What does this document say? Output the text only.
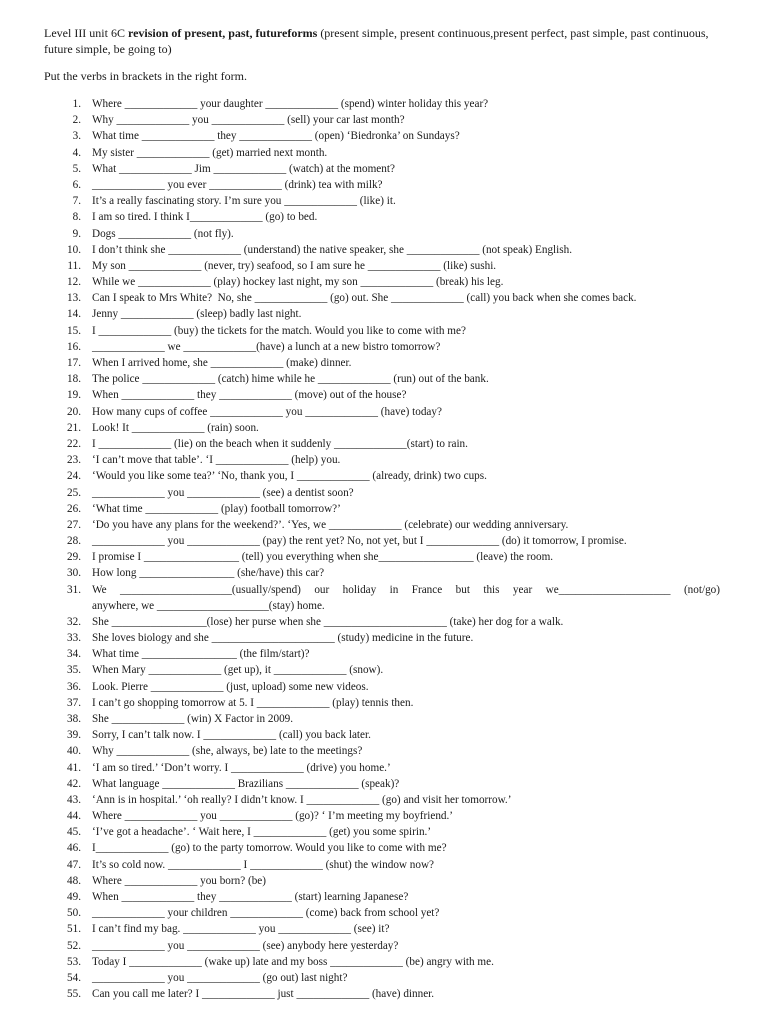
Level III unit 6C revision of present, past, futureforms (present simple, present continuous,present perfect, past simple, past continuous, future simple, be going to)
Put the verbs in brackets in the right form.
1. Where _____________ your daughter _____________ (spend) winter holiday this year?
2. Why _____________ you _____________ (sell) your car last month?
3. What time _____________ they _____________ (open) ‘Biedronka’ on Sundays?
4. My sister _____________ (get) married next month.
5. What _____________ Jim _____________ (watch) at the moment?
6. _____________ you ever _____________ (drink) tea with milk?
7. It’s a really fascinating story. I’m sure you _____________ (like) it.
8. I am so tired. I think I_____________ (go) to bed.
9. Dogs _____________ (not fly).
10. I don’t think she _____________ (understand) the native speaker, she _____________ (not speak) English.
11. My son _____________ (never, try) seafood, so I am sure he _____________ (like) sushi.
12. While we _____________ (play) hockey last night, my son _____________ (break) his leg.
13. Can I speak to Mrs White?  No, she _____________ (go) out. She _____________ (call) you back when she comes back.
14. Jenny _____________ (sleep) badly last night.
15. I _____________ (buy) the tickets for the match. Would you like to come with me?
16. _____________ we _____________(have) a lunch at a new bistro tomorrow?
17. When I arrived home, she _____________ (make) dinner.
18. The police _____________ (catch) hime while he _____________ (run) out of the bank.
19. When _____________ they _____________ (move) out of the house?
20. How many cups of coffee _____________ you _____________ (have) today?
21. Look! It _____________ (rain) soon.
22. I _____________ (lie) on the beach when it suddenly _____________(start) to rain.
23. ‘I can’t move that table’. ‘I _____________ (help) you.
24. ‘Would you like some tea?’ ‘No, thank you, I _____________ (already, drink) two cups.
25. _____________ you _____________ (see) a dentist soon?
26. ‘What time _____________ (play) football tomorrow?’
27. ‘Do you have any plans for the weekend?’. ‘Yes, we _____________ (celebrate) our wedding anniversary.
28. _____________ you _____________ (pay) the rent yet? No, not yet, but I _____________ (do) it tomorrow, I promise.
29. I promise I _________________ (tell) you everything when she_________________ (leave) the room.
30. How long _________________ (she/have) this car?
31. We ____________________(usually/spend) our holiday in France but this year we____________________ (not/go)
anywhere, we ____________________(stay) home.
32. She _________________(lose) her purse when she ______________________ (take) her dog for a walk.
33. She loves biology and she ______________________ (study) medicine in the future.
34. What time _________________ (the film/start)?
35. When Mary _____________ (get up), it _____________ (snow).
36. Look. Pierre _____________ (just, upload) some new videos.
37. I can’t go shopping tomorrow at 5. I _____________ (play) tennis then.
38. She _____________ (win) X Factor in 2009.
39. Sorry, I can’t talk now. I _____________ (call) you back later.
40. Why _____________ (she, always, be) late to the meetings?
41. ‘I am so tired.’ ‘Don’t worry. I _____________ (drive) you home.’
42. What language _____________ Brazilians _____________ (speak)?
43. ‘Ann is in hospital.’ ‘oh really? I didn’t know. I _____________ (go) and visit her tomorrow.’
44. Where _____________ you _____________ (go)? ‘ I’m meeting my boyfriend.’
45. ‘I’ve got a headache’. ‘ Wait here, I _____________ (get) you some spirin.’
46. I_____________ (go) to the party tomorrow. Would you like to come with me?
47. It’s so cold now. _____________ I _____________ (shut) the window now?
48. Where _____________ you born? (be)
49. When _____________ they _____________ (start) learning Japanese?
50. _____________ your children _____________ (come) back from school yet?
51. I can’t find my bag. _____________ you _____________ (see) it?
52. _____________ you _____________ (see) anybody here yesterday?
53. Today I _____________ (wake up) late and my boss _____________ (be) angry with me.
54. _____________ you _____________ (go out) last night?
55. Can you call me later? I _____________ just _____________ (have) dinner.
